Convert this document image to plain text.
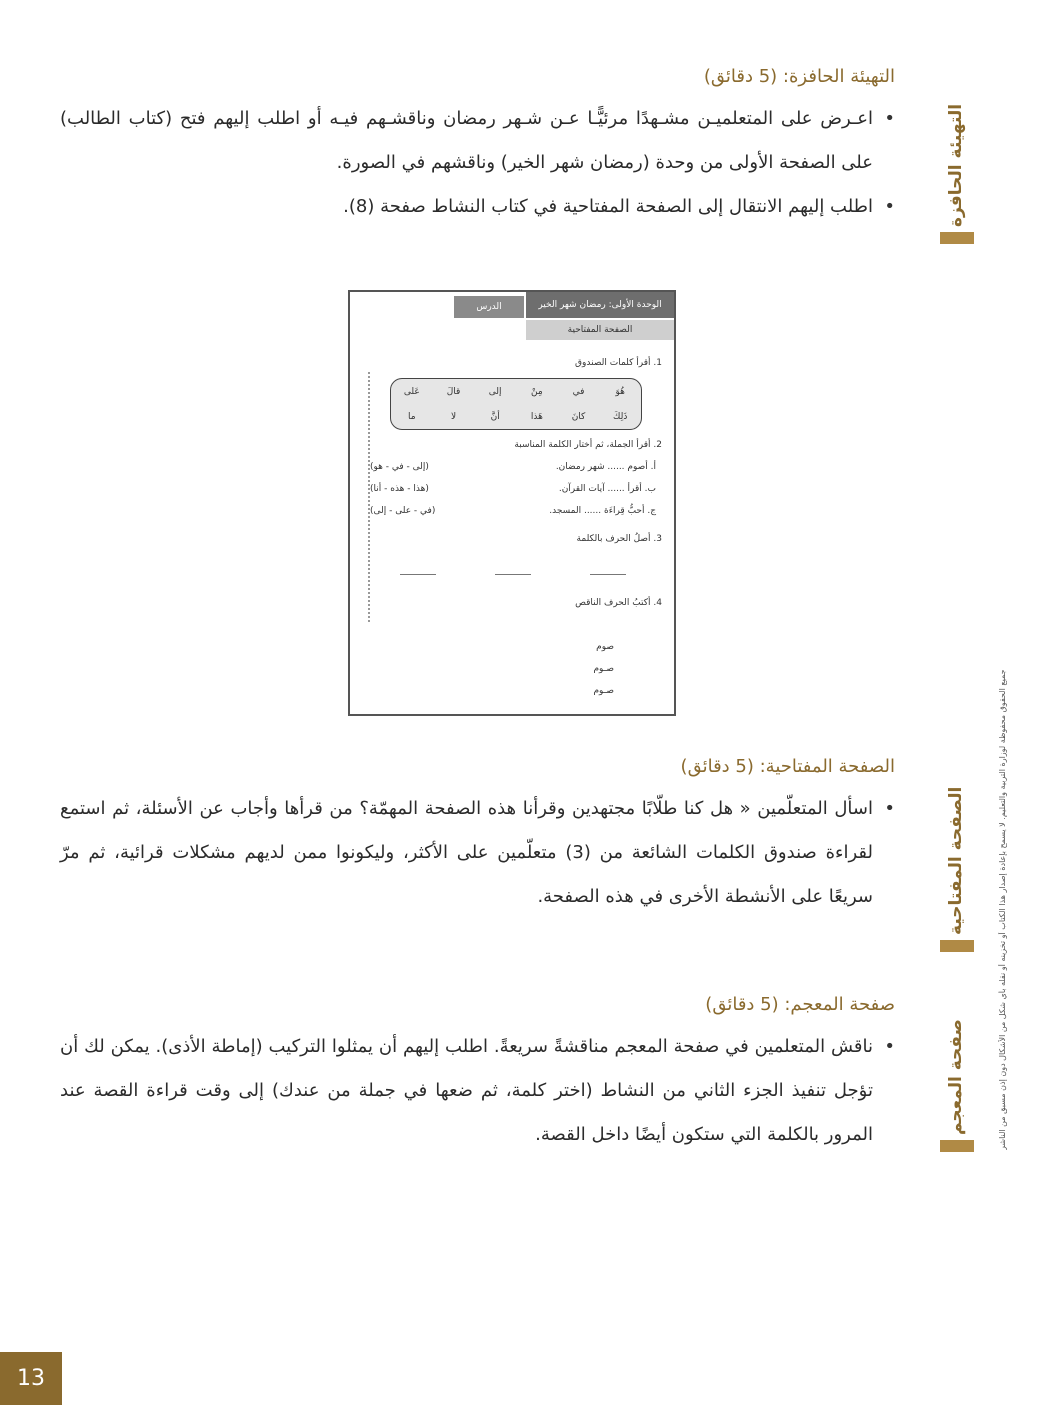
التهيئة الحافزة: (5 دقائق)

• اعـرض على المتعلميـن مشـهدًا مرئيًّـا عـن شـهر رمضان وناقشـهم فيـه أو اطلب إليهم فتح (كتاب الطالب) على الصفحة الأولى من وحدة (رمضان شهر الخير) وناقشهم في الصورة.
• اطلب إليهم الانتقال إلى الصفحة المفتاحية في كتاب النشاط صفحة (8).
الوحدة الأولى: رمضان شهر الخير
الدرس
الصفحة المفتاحية
1. أقرأ كلمات الصندوق
هُوَ
في
مِنْ
إلى
قالَ
عَلى
ذَلِكَ
كانَ
هَذا
أنَّ
لا
ما
2. أقرأ الجملة، ثم أختار الكلمة المناسبة
أ. أصوم ...... شهر رمضان.
(إلى - في - هو)
ب. أقرأ ...... آيات القرآن.
(هذا - هذه - أنا)
ج. أحبُّ قِراءَة ...... المسجد.
(في - على - إلى)
3. أصلُ الحرف بالكلمة
4. أكتبُ الحرف الناقص
صوم
صـوم
صـوم

الصفحة المفتاحية: (5 دقائق)

• اسأل المتعلّمين « هل كنا طلّابًا مجتهدين وقرأنا هذه الصفحة المهمّة؟ من قرأها وأجاب عن الأسئلة، ثم استمع لقراءة صندوق الكلمات الشائعة من (3) متعلّمين على الأكثر، وليكونوا ممن لديهم مشكلات قرائية، ثم مرّ سريعًا على الأنشطة الأخرى في هذه الصفحة.

صفحة المعجم: (5 دقائق)

• ناقش المتعلمين في صفحة المعجم مناقشةً سريعةً. اطلب إليهم أن يمثلوا التركيب (إماطة الأذى). يمكن لك أن تؤجل تنفيذ الجزء الثاني من النشاط (اختر كلمة، ثم ضعها في جملة من عندك) إلى وقت قراءة القصة عند المرور بالكلمة التي ستكون أيضًا داخل القصة.
التهيئة الحافزة
الصفحة المفتاحية
صفحة المعجم	جميع الحقوق محفوظة لوزارة التربية والتعليم. لا يسمح بإعادة إصدار هذا الكتاب أو تخزينه أو نقله بأي شكل من الأشكال دون إذن مسبق من الناشر
13
